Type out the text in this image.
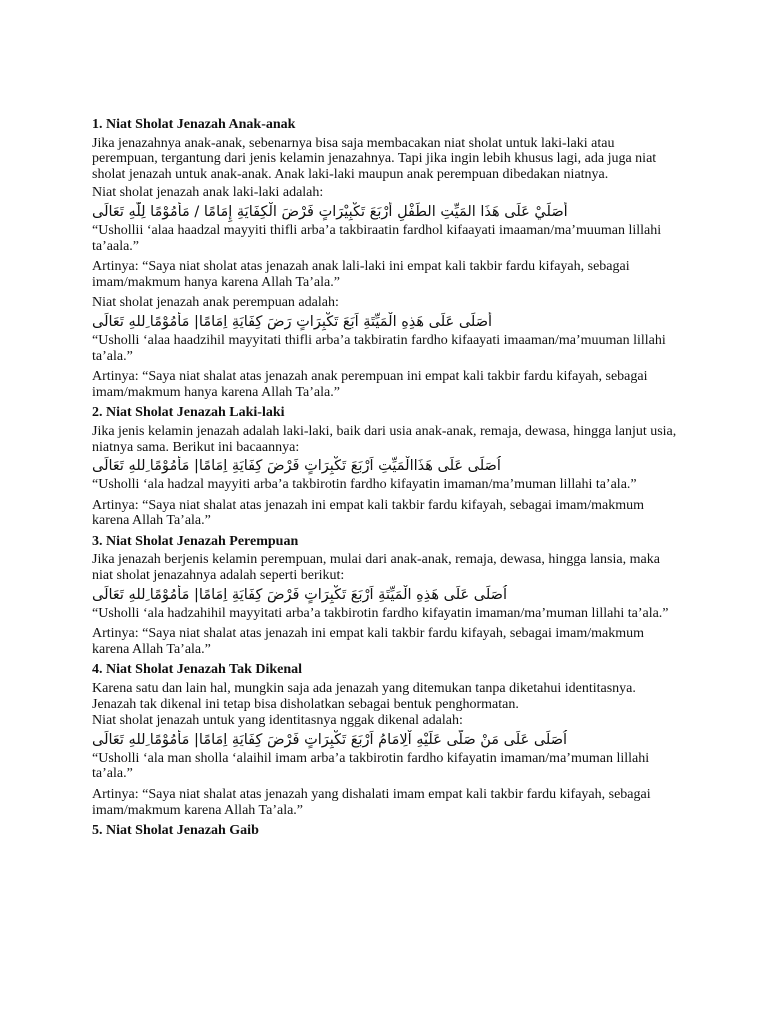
1. Niat Sholat Jenazah Anak-anak
Jika jenazahnya anak-anak, sebenarnya bisa saja membacakan niat sholat untuk laki-laki atau perempuan, tergantung dari jenis kelamin jenazahnya. Tapi jika ingin lebih khusus lagi, ada juga niat sholat jenazah untuk anak-anak. Anak laki-laki maupun anak perempuan dibedakan niatnya.
Niat sholat jenazah anak laki-laki adalah:
أُصَلِّيْ عَلَى هَذَا المَيِّتِ الطِّفْلِ أَرْبَعَ تَكْبِيْرَاتٍ فَرْضَ الْكِفَايَةِ إِمَامًا / مَأْمُوْمًا لِلّٰهِ تَعَالَى
“Ushollii ‘alaa haadzal mayyiti thifli arba’a takbiraatin fardhol kifaayati imaaman/ma’muuman lillahi ta’aala.”
Artinya: “Saya niat sholat atas jenazah anak lali-laki ini empat kali takbir fardu kifayah, sebagai imam/makmum hanya karena Allah Ta’ala.”
Niat sholat jenazah anak perempuan adalah:
أُصَلِّى عَلَى هَذِهِ الْمَيِّتَةِ اَبَعَ تَكْبِرَاتٍ رَضَ كِفَايَةِ اِمَامًا| مَأْمُوْمًا ِللهِ تَعَالَى
“Usholli ‘alaa haadzihil mayyitati thifli arba’a takbiratin fardho kifaayati imaaman/ma’muuman lillahi ta’ala.”
Artinya: “Saya niat shalat atas jenazah anak perempuan ini empat kali takbir fardu kifayah, sebagai imam/makmum hanya karena Allah Ta’ala.”
2. Niat Sholat Jenazah Laki-laki
Jika jenis kelamin jenazah adalah laki-laki, baik dari usia anak-anak, remaja, dewasa, hingga lanjut usia, niatnya sama. Berikut ini bacaannya:
اُصَلِّى عَلَى هَذَاالْمَيِّتِ اَرْبَعَ تَكْبِرَاتٍ فَرْضَ كِفَايَةِ اِمَامًا| مَأْمُوْمًا ِللهِ تَعَالَى
“Usholli ‘ala hadzal mayyiti arba’a takbirotin fardho kifayatin imaman/ma’muman lillahi ta’ala.”
Artinya: “Saya niat shalat atas jenazah ini empat kali takbir fardu kifayah, sebagai imam/makmum karena Allah Ta’ala.”
3. Niat Sholat Jenazah Perempuan
Jika jenazah berjenis kelamin perempuan, mulai dari anak-anak, remaja, dewasa, hingga lansia, maka niat sholat jenazahnya adalah seperti berikut:
اُصَلِّى عَلَى هَذِهِ الْمَيِّتَةِ اَرْبَعَ تَكْبِرَاتٍ فَرْضَ كِفَايَةِ اِمَامًا| مَأْمُوْمًا ِللهِ تَعَالَى
“Usholli ‘ala hadzahihil mayyitati arba’a takbirotin fardho kifayatin imaman/ma’muman lillahi ta’ala.”
Artinya: “Saya niat shalat atas jenazah ini empat kali takbir fardu kifayah, sebagai imam/makmum karena Allah Ta’ala.”
4. Niat Sholat Jenazah Tak Dikenal
Karena satu dan lain hal, mungkin saja ada jenazah yang ditemukan tanpa diketahui identitasnya. Jenazah tak dikenal ini tetap bisa disholatkan sebagai bentuk penghormatan.
Niat sholat jenazah untuk yang identitasnya nggak dikenal adalah:
اُصَلِّى عَلَى مَنْ صَلَّى عَلَيْهِ اْلِامَامُ اَرْبَعَ تَكْبِرَاتٍ فَرْضَ كِفَايَةِ اِمَامًا| مَأْمُوْمًا ِللهِ تَعَالَى
“Usholli ‘ala man sholla ‘alaihil imam arba’a takbirotin fardho kifayatin imaman/ma’muman lillahi ta’ala.”
Artinya: “Saya niat shalat atas jenazah yang dishalati imam empat kali takbir fardu kifayah, sebagai imam/makmum karena Allah Ta’ala.”
5. Niat Sholat Jenazah Gaib
